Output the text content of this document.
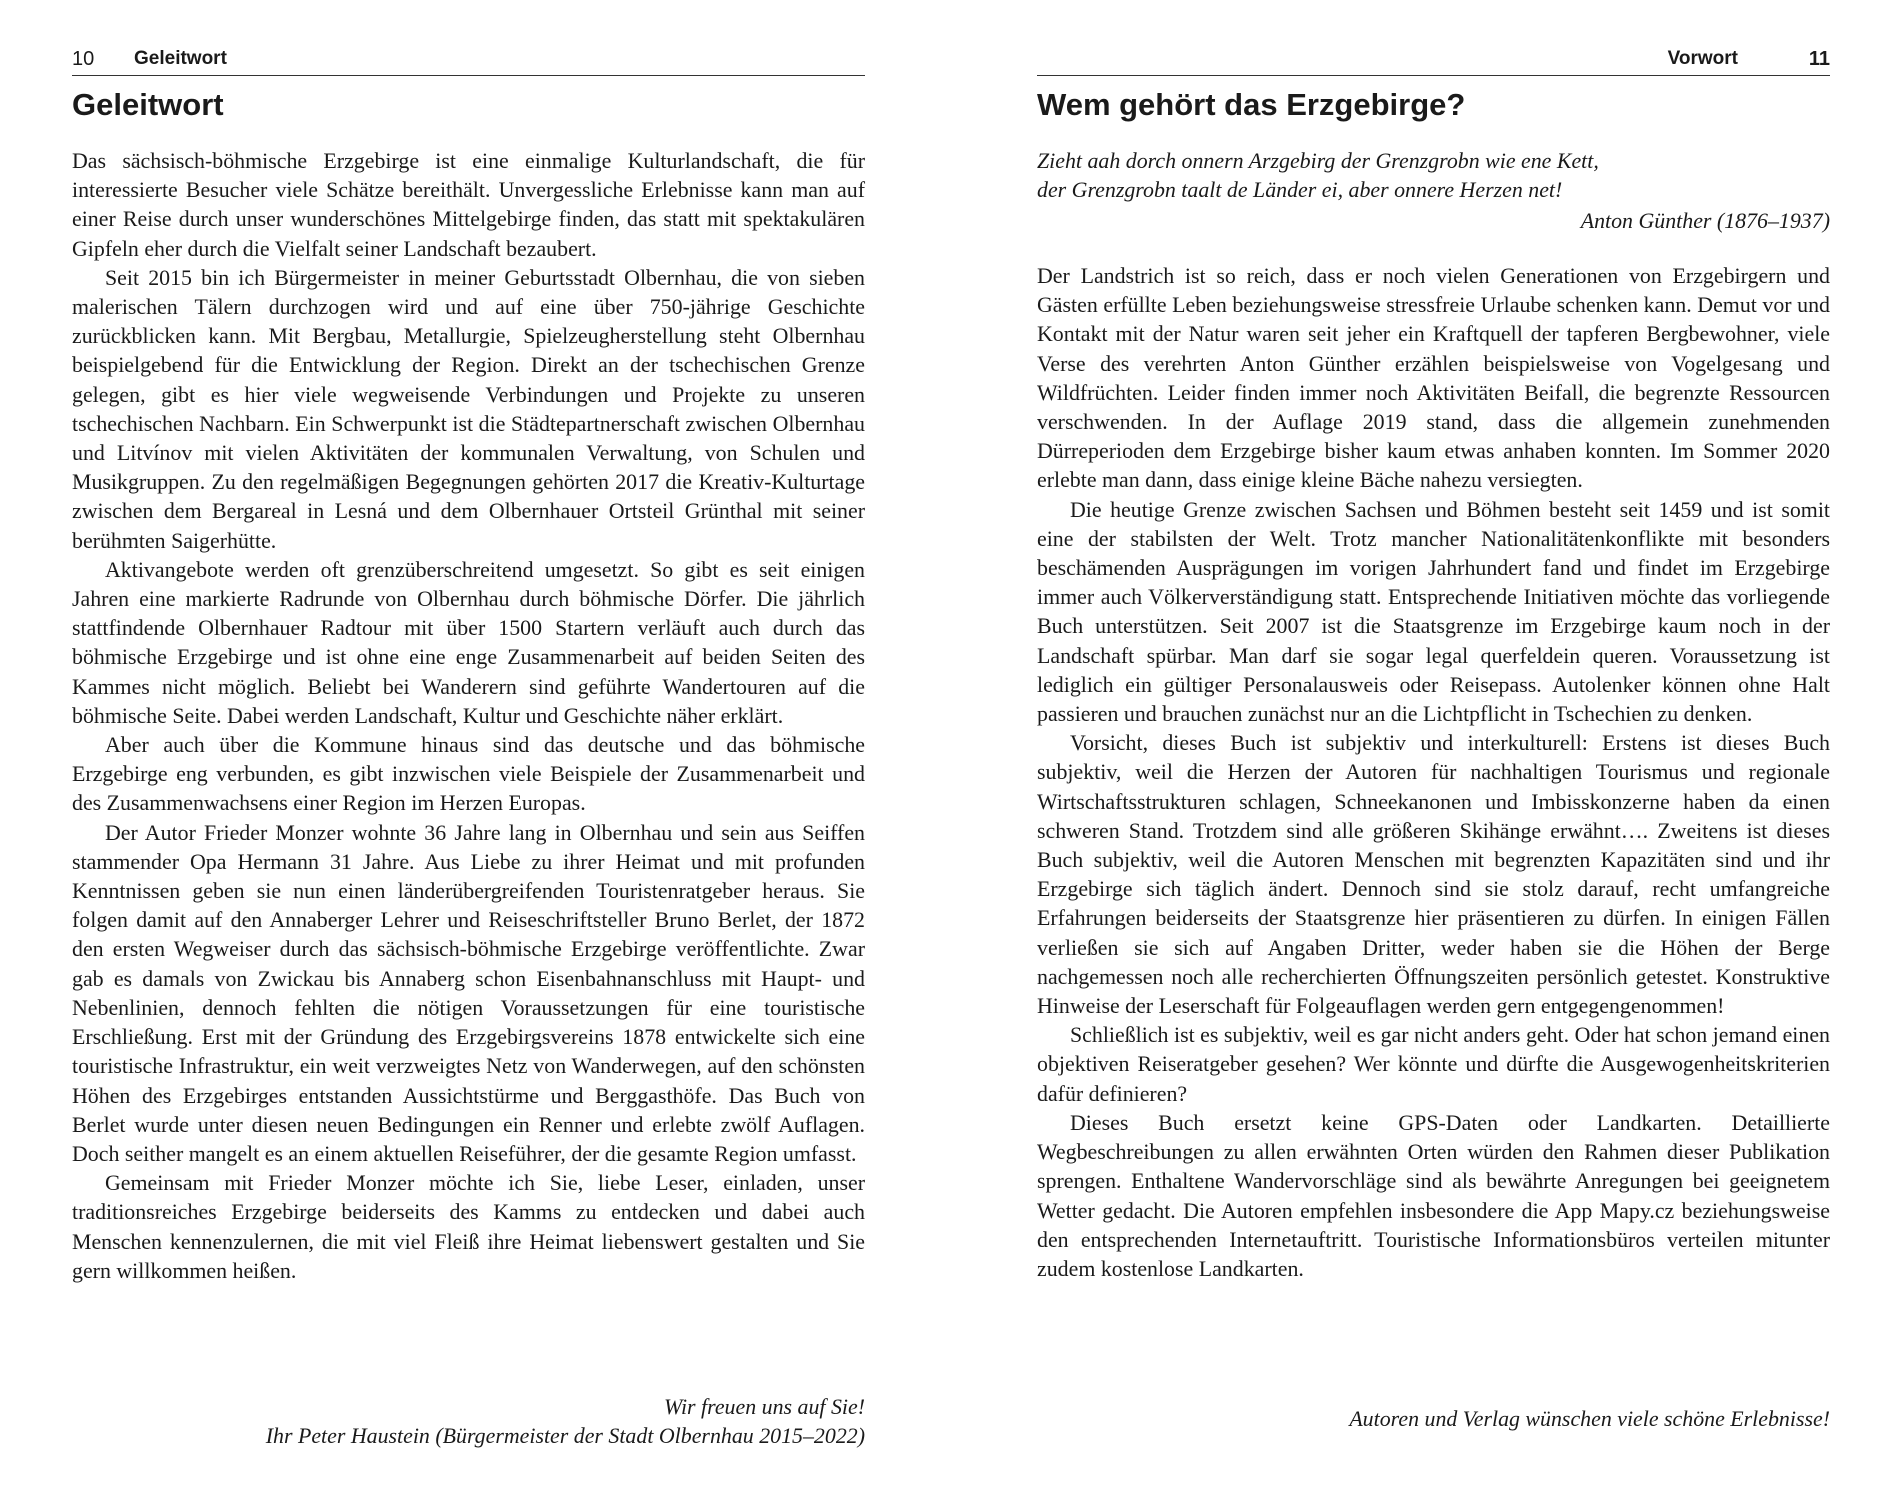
10 Geleitwort
Geleitwort

Das sächsisch-böhmische Erzgebirge ist eine einmalige Kulturlandschaft, die für interessierte Besucher viele Schätze bereithält. Unvergessliche Erlebnisse kann man auf einer Reise durch unser wunderschönes Mittelgebirge finden, das statt mit spektakulären Gipfeln eher durch die Vielfalt seiner Landschaft bezaubert.

Seit 2015 bin ich Bürgermeister in meiner Geburtsstadt Olbernhau, die von sieben malerischen Tälern durchzogen wird und auf eine über 750-jährige Geschichte zurückblicken kann. Mit Bergbau, Metallurgie, Spielzeugherstellung steht Olbernhau beispielgebend für die Entwicklung der Region. Direkt an der tschechischen Grenze gelegen, gibt es hier viele wegweisende Verbindungen und Projekte zu unseren tschechischen Nachbarn. Ein Schwerpunkt ist die Städtepartnerschaft zwischen Olbernhau und Litvínov mit vielen Aktivitäten der kommunalen Verwaltung, von Schulen und Musikgruppen. Zu den regelmäßigen Begegnungen gehörten 2017 die Kreativ-Kulturtage zwischen dem Bergareal in Lesná und dem Olbernhauer Ortsteil Grünthal mit seiner berühmten Saigerhütte.

Aktivangebote werden oft grenzüberschreitend umgesetzt. So gibt es seit einigen Jahren eine markierte Radrunde von Olbernhau durch böhmische Dörfer. Die jährlich stattfindende Olbernhauer Radtour mit über 1500 Startern verläuft auch durch das böhmische Erzgebirge und ist ohne eine enge Zusammenarbeit auf beiden Seiten des Kammes nicht möglich. Beliebt bei Wanderern sind geführte Wandertouren auf die böhmische Seite. Dabei werden Landschaft, Kultur und Geschichte näher erklärt.

Aber auch über die Kommune hinaus sind das deutsche und das böhmische Erzgebirge eng verbunden, es gibt inzwischen viele Beispiele der Zusammenarbeit und des Zusammenwachsens einer Region im Herzen Europas.

Der Autor Frieder Monzer wohnte 36 Jahre lang in Olbernhau und sein aus Seiffen stammender Opa Hermann 31 Jahre. Aus Liebe zu ihrer Heimat und mit profunden Kenntnissen geben sie nun einen länderübergreifenden Touristenratgeber heraus. Sie folgen damit auf den Annaberger Lehrer und Reiseschriftsteller Bruno Berlet, der 1872 den ersten Wegweiser durch das sächsisch-böhmische Erzgebirge veröffentlichte. Zwar gab es damals von Zwickau bis Annaberg schon Eisenbahnanschluss mit Haupt- und Nebenlinien, dennoch fehlten die nötigen Voraussetzungen für eine touristische Erschließung. Erst mit der Gründung des Erzgebirgsvereins 1878 entwickelte sich eine touristische Infrastruktur, ein weit verzweigtes Netz von Wanderwegen, auf den schönsten Höhen des Erzgebirges entstanden Aussichtstürme und Berggasthöfe. Das Buch von Berlet wurde unter diesen neuen Bedingungen ein Renner und erlebte zwölf Auflagen. Doch seither mangelt es an einem aktuellen Reiseführer, der die gesamte Region umfasst.

Gemeinsam mit Frieder Monzer möchte ich Sie, liebe Leser, einladen, unser traditionsreiches Erzgebirge beiderseits des Kamms zu entdecken und dabei auch Menschen kennenzulernen, die mit viel Fleiß ihre Heimat liebenswert gestalten und Sie gern willkommen heißen.

Wir freuen uns auf Sie!
Ihr Peter Haustein (Bürgermeister der Stadt Olbernhau 2015–2022)
Vorwort	11
Wem gehört das Erzgebirge?
Zieht aah dorch onnern Arzgebirg der Grenzgrobn wie ene Kett,
der Grenzgrobn taalt de Länder ei, aber onnere Herzen net!
Anton Günther (1876–1937)

Der Landstrich ist so reich, dass er noch vielen Generationen von Erzgebirgern und Gästen erfüllte Leben beziehungsweise stressfreie Urlaube schenken kann. Demut vor und Kontakt mit der Natur waren seit jeher ein Kraftquell der tapferen Bergbewohner, viele Verse des verehrten Anton Günther erzählen beispielsweise von Vogelgesang und Wildfrüchten. Leider finden immer noch Aktivitäten Beifall, die begrenzte Ressourcen verschwenden. In der Auflage 2019 stand, dass die allgemein zunehmenden Dürreperioden dem Erzgebirge bisher kaum etwas anhaben konnten. Im Sommer 2020 erlebte man dann, dass einige kleine Bäche nahezu versiegten.

Die heutige Grenze zwischen Sachsen und Böhmen besteht seit 1459 und ist somit eine der stabilsten der Welt. Trotz mancher Nationalitätenkonflikte mit besonders beschämenden Ausprägungen im vorigen Jahrhundert fand und findet im Erzgebirge immer auch Völkerverständigung statt. Entsprechende Initiativen möchte das vorliegende Buch unterstützen. Seit 2007 ist die Staatsgrenze im Erzgebirge kaum noch in der Landschaft spürbar. Man darf sie sogar legal querfeldein queren. Voraussetzung ist lediglich ein gültiger Personalausweis oder Reisepass. Autolenker können ohne Halt passieren und brauchen zunächst nur an die Lichtpflicht in Tschechien zu denken.

Vorsicht, dieses Buch ist subjektiv und interkulturell: Erstens ist dieses Buch subjektiv, weil die Herzen der Autoren für nachhaltigen Tourismus und regionale Wirtschaftsstrukturen schlagen, Schneekanonen und Imbisskonzerne haben da einen schweren Stand. Trotzdem sind alle größeren Skihänge erwähnt…. Zweitens ist dieses Buch subjektiv, weil die Autoren Menschen mit begrenzten Kapazitäten sind und ihr Erzgebirge sich täglich ändert. Dennoch sind sie stolz darauf, recht umfangreiche Erfahrungen beiderseits der Staatsgrenze hier präsentieren zu dürfen. In einigen Fällen verließen sie sich auf Angaben Dritter, weder haben sie die Höhen der Berge nachgemessen noch alle recherchierten Öffnungszeiten persönlich getestet. Konstruktive Hinweise der Leserschaft für Folgeauflagen werden gern entgegengenommen!

Schließlich ist es subjektiv, weil es gar nicht anders geht. Oder hat schon jemand einen objektiven Reiseratgeber gesehen? Wer könnte und dürfte die Ausgewogenheitskriterien dafür definieren?

Dieses Buch ersetzt keine GPS-Daten oder Landkarten. Detaillierte Wegbeschreibungen zu allen erwähnten Orten würden den Rahmen dieser Publikation sprengen. Enthaltene Wandervorschläge sind als bewährte Anregungen bei geeignetem Wetter gedacht. Die Autoren empfehlen insbesondere die App Mapy.cz beziehungsweise den entsprechenden Internetauftritt. Touristische Informationsbüros verteilen mitunter zudem kostenlose Landkarten.

Autoren und Verlag wünschen viele schöne Erlebnisse!
